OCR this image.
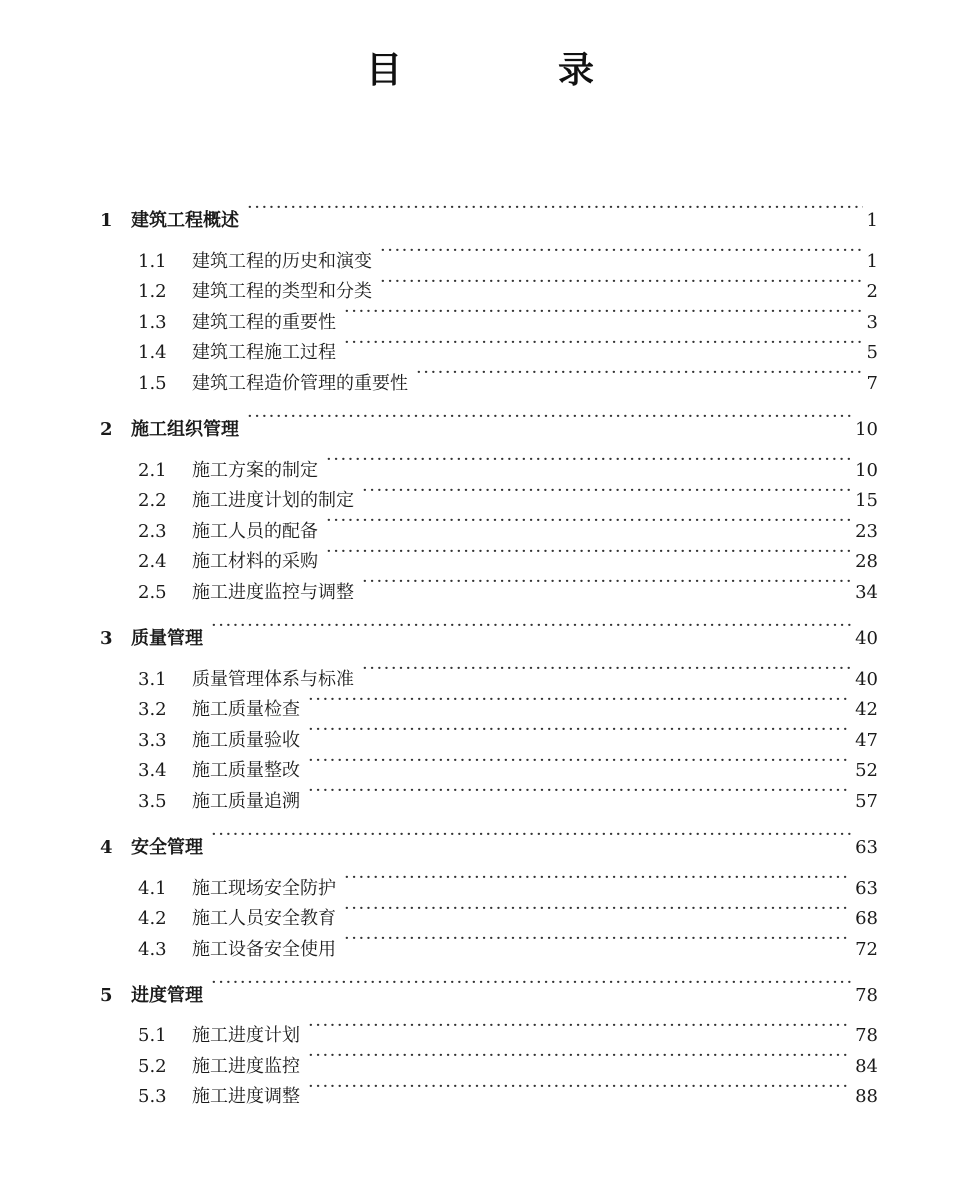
目　录
1	建筑工程概述 ·····	1
1.1	建筑工程的历史和演变 ·····	1
1.2	建筑工程的类型和分类 ·····	2
1.3	建筑工程的重要性 ·····	3
1.4	建筑工程施工过程 ·····	5
1.5	建筑工程造价管理的重要性 ·····	7
2	施工组织管理 ·····	10
2.1	施工方案的制定 ·····	10
2.2	施工进度计划的制定 ·····	15
2.3	施工人员的配备 ·····	23
2.4	施工材料的采购 ·····	28
2.5	施工进度监控与调整 ·····	34
3	质量管理 ·····	40
3.1	质量管理体系与标准 ·····	40
3.2	施工质量检查 ·····	42
3.3	施工质量验收 ·····	47
3.4	施工质量整改 ·····	52
3.5	施工质量追溯 ·····	57
4	安全管理 ·····	63
4.1	施工现场安全防护 ·····	63
4.2	施工人员安全教育 ·····	68
4.3	施工设备安全使用 ·····	72
5	进度管理 ·····	78
5.1	施工进度计划 ·····	78
5.2	施工进度监控 ·····	84
5.3	施工进度调整 ·····	88
